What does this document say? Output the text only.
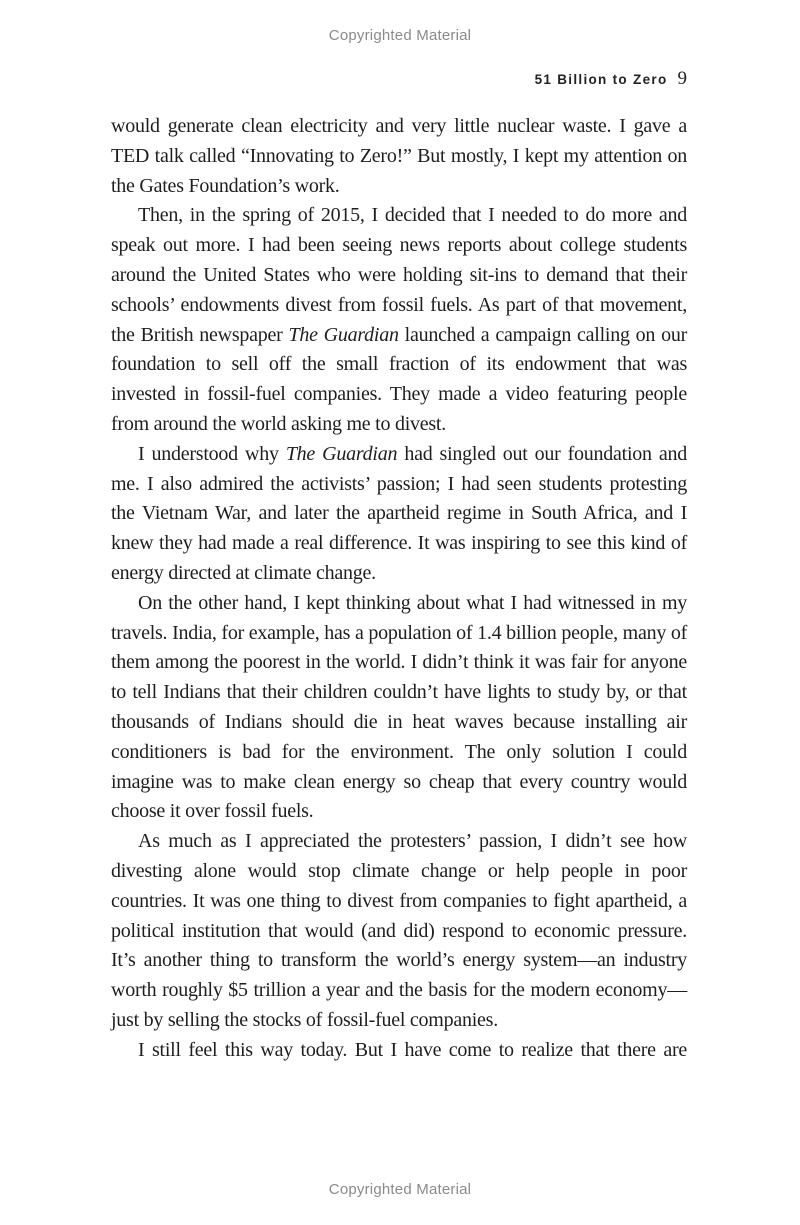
Copyrighted Material
51 Billion to Zero 9

would generate clean electricity and very little nuclear waste. I gave a TED talk called “Innovating to Zero!” But mostly, I kept my attention on the Gates Foundation’s work.

Then, in the spring of 2015, I decided that I needed to do more and speak out more. I had been seeing news reports about college students around the United States who were holding sit-ins to demand that their schools’ endowments divest from fossil fuels. As part of that movement, the British newspaper The Guardian launched a campaign calling on our foundation to sell off the small fraction of its endowment that was invested in fossil-fuel companies. They made a video featuring people from around the world asking me to divest.

I understood why The Guardian had singled out our foundation and me. I also admired the activists’ passion; I had seen students protesting the Vietnam War, and later the apartheid regime in South Africa, and I knew they had made a real difference. It was inspiring to see this kind of energy directed at climate change.

On the other hand, I kept thinking about what I had witnessed in my travels. India, for example, has a population of 1.4 billion people, many of them among the poorest in the world. I didn’t think it was fair for anyone to tell Indians that their children couldn’t have lights to study by, or that thousands of Indians should die in heat waves because installing air conditioners is bad for the environment. The only solution I could imagine was to make clean energy so cheap that every country would choose it over fossil fuels.

As much as I appreciated the protesters’ passion, I didn’t see how divesting alone would stop climate change or help people in poor countries. It was one thing to divest from companies to fight apartheid, a political institution that would (and did) respond to economic pressure. It’s another thing to transform the world’s energy system—an industry worth roughly $5 trillion a year and the basis for the modern economy—just by selling the stocks of fossil-fuel companies.

I still feel this way today. But I have come to realize that there are

Copyrighted Material
